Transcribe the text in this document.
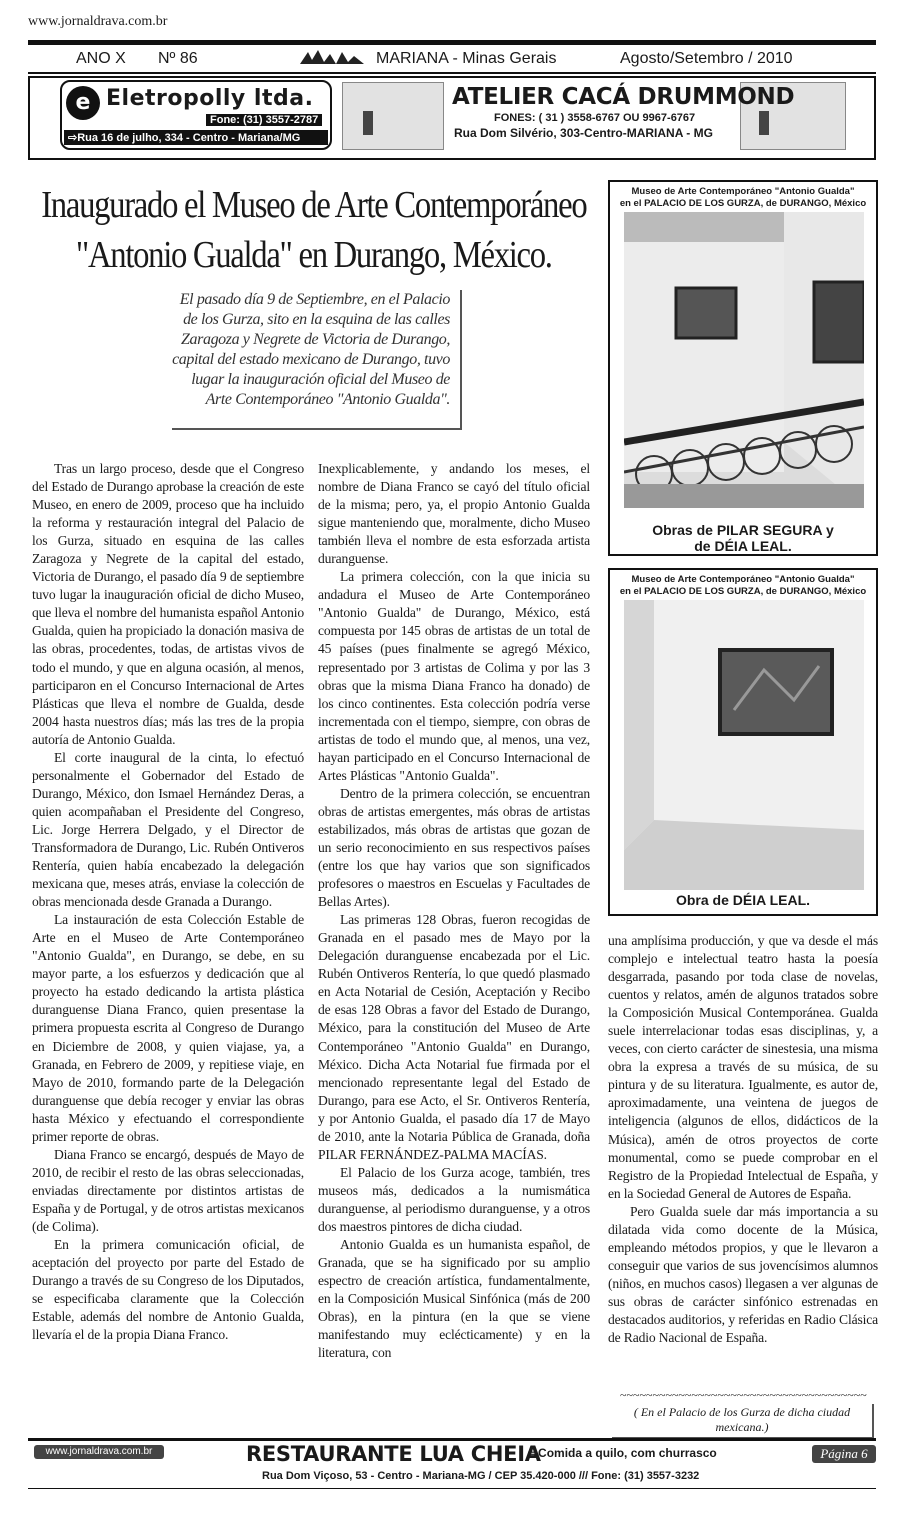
www.jornaldrava.com.br
ANO X Nº 86	MARIANA - Minas Gerais	Agosto/Setembro / 2010
e Eletropolly ltda.
Fone: (31) 3557-2787
⇨Rua 16 de julho, 334 - Centro - Mariana/MG
ATELIER CACÁ DRUMMOND
FONES: ( 31 ) 3558-6767 OU 9967-6767
Rua Dom Silvério, 303-Centro-MARIANA - MG
Inaugurado el Museo de Arte Contemporáneo
"Antonio Gualda" en Durango, México.
El pasado día 9 de Septiembre, en el Palacio de los Gurza, sito en la esquina de las calles Zaragoza y Negrete de Victoria de Durango, capital del estado mexicano de Durango, tuvo lugar la inauguración oficial del Museo de Arte Contemporáneo "Antonio Gualda".

Tras un largo proceso, desde que el Congreso del Estado de Durango aprobase la creación de este Museo, en enero de 2009, proceso que ha incluido la reforma y restauración integral del Palacio de los Gurza, situado en esquina de las calles Zaragoza y Negrete de la capital del estado, Victoria de Durango, el pasado día 9 de septiembre tuvo lugar la inauguración oficial de dicho Museo, que lleva el nombre del humanista español Antonio Gualda, quien ha propiciado la donación masiva de las obras, procedentes, todas, de artistas vivos de todo el mundo, y que en alguna ocasión, al menos, participaron en el Concurso Internacional de Artes Plásticas que lleva el nombre de Gualda, desde 2004 hasta nuestros días; más las tres de la propia autoría de Antonio Gualda.

El corte inaugural de la cinta, lo efectuó personalmente el Gobernador del Estado de Durango, México, don Ismael Hernández Deras, a quien acompañaban el Presidente del Congreso, Lic. Jorge Herrera Delgado, y el Director de Transformadora de Durango, Lic. Rubén Ontiveros Rentería, quien había encabezado la delegación mexicana que, meses atrás, enviase la colección de obras mencionada desde Granada a Durango.

La instauración de esta Colección Estable de Arte en el Museo de Arte Contemporáneo "Antonio Gualda", en Durango, se debe, en su mayor parte, a los esfuerzos y dedicación que al proyecto ha estado dedicando la artista plástica duranguense Diana Franco, quien presentase la primera propuesta escrita al Congreso de Durango en Diciembre de 2008, y quien viajase, ya, a Granada, en Febrero de 2009, y repitiese viaje, en Mayo de 2010, formando parte de la Delegación duranguense que debía recoger y enviar las obras hasta México y efectuando el correspondiente primer reporte de obras.

Diana Franco se encargó, después de Mayo de 2010, de recibir el resto de las obras seleccionadas, enviadas directamente por distintos artistas de España y de Portugal, y de otros artistas mexicanos (de Colima).

En la primera comunicación oficial, de aceptación del proyecto por parte del Estado de Durango a través de su Congreso de los Diputados, se especificaba claramente que la Colección Estable, además del nombre de Antonio Gualda, llevaría el de la propia Diana Franco.

Inexplicablemente, y andando los meses, el nombre de Diana Franco se cayó del título oficial de la misma; pero, ya, el propio Antonio Gualda sigue manteniendo que, moralmente, dicho Museo también lleva el nombre de esta esforzada artista duranguense.

La primera colección, con la que inicia su andadura el Museo de Arte Contemporáneo "Antonio Gualda" de Durango, México, está compuesta por 145 obras de artistas de un total de 45 países (pues finalmente se agregó México, representado por 3 artistas de Colima y por las 3 obras que la misma Diana Franco ha donado) de los cinco continentes. Esta colección podría verse incrementada con el tiempo, siempre, con obras de artistas de todo el mundo que, al menos, una vez, hayan participado en el Concurso Internacional de Artes Plásticas "Antonio Gualda".

Dentro de la primera colección, se encuentran obras de artistas emergentes, más obras de artistas estabilizados, más obras de artistas que gozan de un serio reconocimiento en sus respectivos países (entre los que hay varios que son significados profesores o maestros en Escuelas y Facultades de Bellas Artes).

Las primeras 128 Obras, fueron recogidas de Granada en el pasado mes de Mayo por la Delegación duranguense encabezada por el Lic. Rubén Ontiveros Rentería, lo que quedó plasmado en Acta Notarial de Cesión, Aceptación y Recibo de esas 128 Obras a favor del Estado de Durango, México, para la constitución del Museo de Arte Contemporáneo "Antonio Gualda" en Durango, México. Dicha Acta Notarial fue firmada por el mencionado representante legal del Estado de Durango, para ese Acto, el Sr. Ontiveros Rentería, y por Antonio Gualda, el pasado día 17 de Mayo de 2010, ante la Notaria Pública de Granada, doña PILAR FERNÁNDEZ-PALMA MACÍAS.

El Palacio de los Gurza acoge, también, tres museos más, dedicados a la numismática duranguense, al periodismo duranguense, y a otros dos maestros pintores de dicha ciudad.

Antonio Gualda es un humanista español, de Granada, que se ha significado por su amplio espectro de creación artística, fundamentalmente, en la Composición Musical Sinfónica (más de 200 Obras), en la pintura (en la que se viene manifestando muy eclécticamente) y en la literatura, con

una amplísima producción, y que va desde el más complejo e intelectual teatro hasta la poesía desgarrada, pasando por toda clase de novelas, cuentos y relatos, amén de algunos tratados sobre la Composición Musical Contemporánea. Gualda suele interrelacionar todas esas disciplinas, y, a veces, con cierto carácter de sinestesia, una misma obra la expresa a través de su música, de su pintura y de su literatura. Igualmente, es autor de, aproximadamente, una veintena de juegos de inteligencia (algunos de ellos, didácticos de la Música), amén de otros proyectos de corte monumental, como se puede comprobar en el Registro de la Propiedad Intelectual de España, y en la Sociedad General de Autores de España.

Pero Gualda suele dar más importancia a su dilatada vida como docente de la Música, empleando métodos propios, y que le llevaron a conseguir que varios de sus jovencísimos alumnos (niños, en muchos casos) llegasen a ver algunas de sus obras de carácter sinfónico estrenadas en destacados auditorios, y referidas en Radio Clásica de Radio Nacional de España.

~~~~~~~~~~~~~~~~~~~~~~~~~~~~~~~~~~~~~~
( En el Palacio de los Gurza de dicha ciudad mexicana.)
Museo de Arte Contemporáneo "Antonio Gualda"
en el PALACIO DE LOS GURZA, de DURANGO, México
Obras de PILAR SEGURA y
de DÉIA LEAL.
Museo de Arte Contemporáneo "Antonio Gualda"
en el PALACIO DE LOS GURZA, de DURANGO, México
Obra de DÉIA LEAL.
www.jornaldrava.com.br	RESTAURANTE LUA CHEIA
⇨Comida a quilo, com churrasco
Rua Dom Viçoso, 53 - Centro - Mariana-MG / CEP 35.420-000 /// Fone: (31) 3557-3232
Página 6
